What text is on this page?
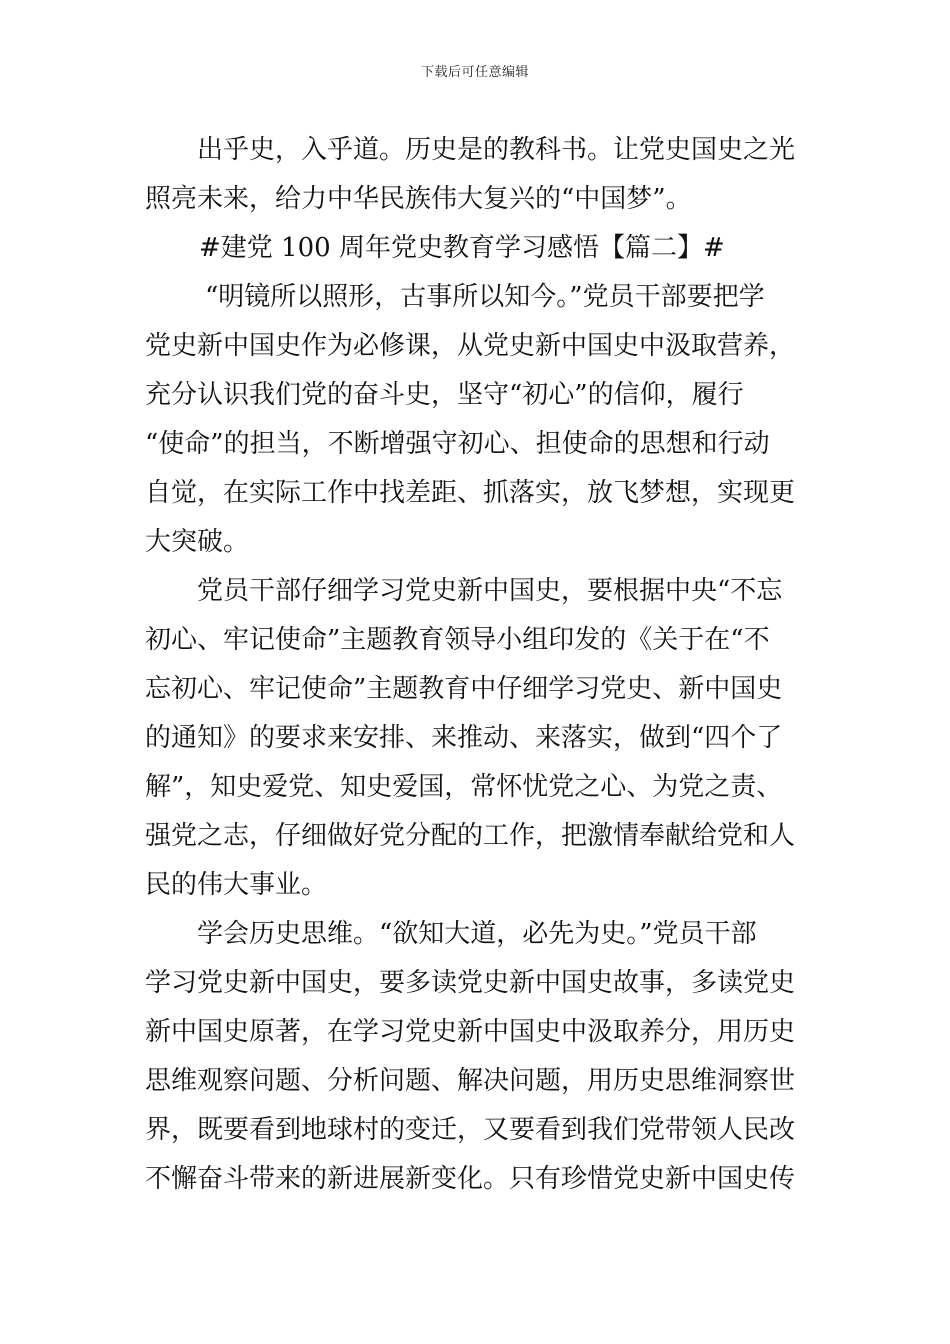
下载后可任意编辑
出乎史，入乎道。历史是的教科书。让党史国史之光
照亮未来，给力中华民族伟大复兴的“中国梦”。
#建党 100 周年党史教育学习感悟【篇二】#
“明镜所以照形，古事所以知今。”党员干部要把学
党史新中国史作为必修课，从党史新中国史中汲取营养，
充分认识我们党的奋斗史，坚守“初心”的信仰，履行
“使命”的担当，不断增强守初心、担使命的思想和行动
自觉，在实际工作中找差距、抓落实，放飞梦想，实现更
大突破。
党员干部仔细学习党史新中国史，要根据中央“不忘
初心、牢记使命”主题教育领导小组印发的《关于在“不
忘初心、牢记使命”主题教育中仔细学习党史、新中国史
的通知》的要求来安排、来推动、来落实，做到“四个了
解”，知史爱党、知史爱国，常怀忧党之心、为党之责、
强党之志，仔细做好党分配的工作，把激情奉献给党和人
民的伟大事业。
学会历史思维。“欲知大道，必先为史。”党员干部
学习党史新中国史，要多读党史新中国史故事，多读党史
新中国史原著，在学习党史新中国史中汲取养分，用历史
思维观察问题、分析问题、解决问题，用历史思维洞察世
界，既要看到地球村的变迁，又要看到我们党带领人民改
不懈奋斗带来的新进展新变化。只有珍惜党史新中国史传
